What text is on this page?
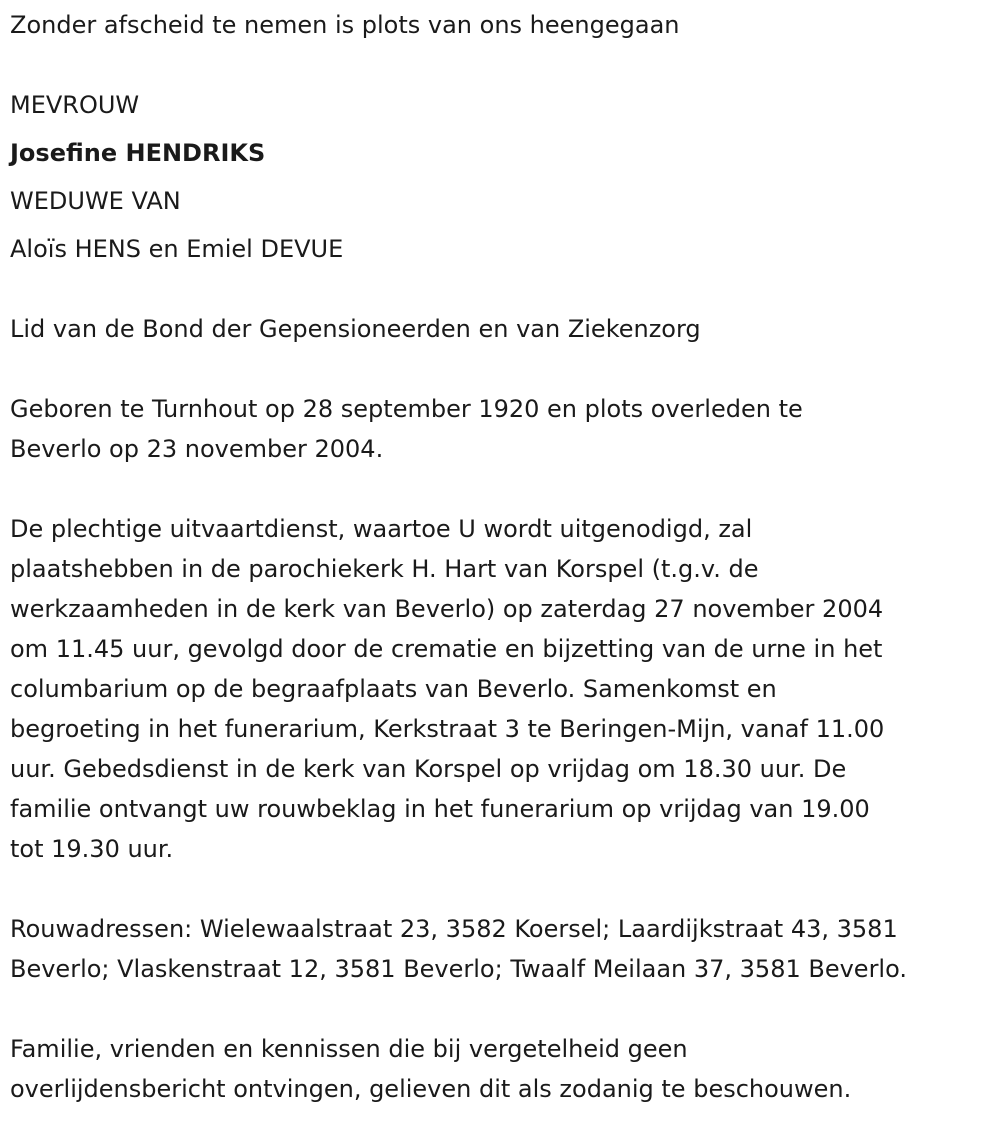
Zonder afscheid te nemen is plots van ons heengegaan
MEVROUW
Josefine HENDRIKS
WEDUWE VAN
Aloïs HENS en Emiel DEVUE
Lid van de Bond der Gepensioneerden en van Ziekenzorg
Geboren te Turnhout op 28 september 1920 en plots overleden te
Beverlo op 23 november 2004.
De plechtige uitvaartdienst, waartoe U wordt uitgenodigd, zal
plaatshebben in de parochiekerk H. Hart van Korspel (t.g.v. de
werkzaamheden in de kerk van Beverlo) op zaterdag 27 november 2004
om 11.45 uur, gevolgd door de crematie en bijzetting van de urne in het
columbarium op de begraafplaats van Beverlo. Samenkomst en
begroeting in het funerarium, Kerkstraat 3 te Beringen-Mijn, vanaf 11.00
uur. Gebedsdienst in de kerk van Korspel op vrijdag om 18.30 uur. De
familie ontvangt uw rouwbeklag in het funerarium op vrijdag van 19.00
tot 19.30 uur.
Rouwadressen: Wielewaalstraat 23, 3582 Koersel; Laardijkstraat 43, 3581
Beverlo; Vlaskenstraat 12, 3581 Beverlo; Twaalf Meilaan 37, 3581 Beverlo.
Familie, vrienden en kennissen die bij vergetelheid geen
overlijdensbericht ontvingen, gelieven dit als zodanig te beschouwen.
